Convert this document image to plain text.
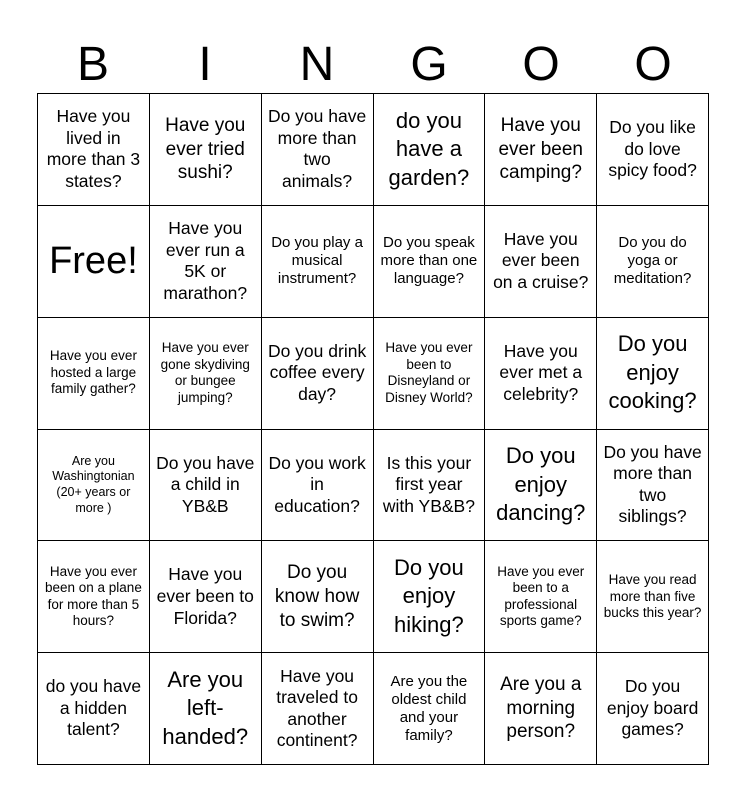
B	I	N	G	O	O
Have you lived in more than 3 states?
Have you ever tried sushi?
Do you have more than two animals?
do you have a garden?
Have you ever been camping?
Do you like do love spicy food?
Free!
Have you ever run a 5K or marathon?
Do you play a musical instrument?
Do you speak more than one language?
Have you ever been on a cruise?
Do you do yoga or meditation?
Have you ever hosted a large family gather?
Have you ever gone skydiving or bungee jumping?
Do you drink coffee every day?
Have you ever been to Disneyland or Disney World?
Have you ever met a celebrity?
Do you enjoy cooking?
Are you Washingtonian (20+ years or more )
Do you have a child in YB&B
Do you work in education?
Is this your first year with YB&B?
Do you enjoy dancing?
Do you have more than two siblings?
Have you ever been on a plane for more than 5 hours?
Have you ever been to Florida?
Do you know how to swim?
Do you enjoy hiking?
Have you ever been to a professional sports game?
Have you read more than five bucks this year?
do you have a hidden talent?
Are you left-handed?
Have you traveled to another continent?
Are you the oldest child and your family?
Are you a morning person?
Do you enjoy board games?
